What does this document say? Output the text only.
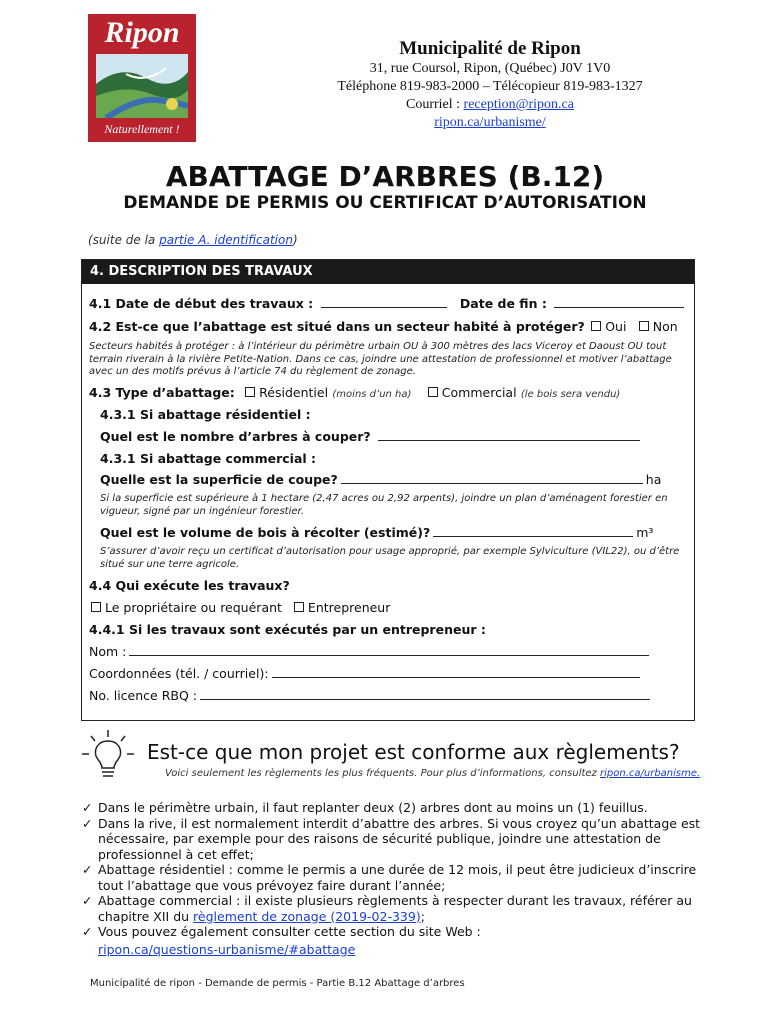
Ripon
Naturellement !
Municipalité de Ripon
31, rue Coursol, Ripon, (Québec) J0V 1V0
Téléphone 819-983-2000 – Télécopieur 819-983-1327
Courriel : reception@ripon.ca
ripon.ca/urbanisme/
ABATTAGE D’ARBRES (B.12)
DEMANDE DE PERMIS OU CERTIFICAT D’AUTORISATION
(suite de la partie A. identification)
4. DESCRIPTION DES TRAVAUX
4.1 Date de début des travaux :	Date de fin :
4.2 Est-ce que l’abattage est situé dans un secteur habité à protéger? Oui Non
Secteurs habités à protéger : à l’intérieur du périmètre urbain OU à 300 mètres des lacs Viceroy et Daoust OU tout terrain riverain à la rivière Petite-Nation. Dans ce cas, joindre une attestation de professionnel et motiver l’abattage avec un des motifs prévus à l’article 74 du règlement de zonage.
4.3 Type d’abattage: Résidentiel (moins d’un ha) Commercial (le bois sera vendu)
4.3.1 Si abattage résidentiel :
Quel est le nombre d’arbres à couper?
4.3.1 Si abattage commercial :
Quelle est la superficie de coupe?	ha
Si la superficie est supérieure à 1 hectare (2,47 acres ou 2,92 arpents), joindre un plan d’aménagent forestier en vigueur, signé par un ingénieur forestier.
Quel est le volume de bois à récolter (estimé)?	m³
S’assurer d’avoir reçu un certificat d’autorisation pour usage approprié, par exemple Sylviculture (VIL22), ou d’être situé sur une terre agricole.
4.4 Qui exécute les travaux?
Le propriétaire ou requérant Entrepreneur
4.4.1 Si les travaux sont exécutés par un entrepreneur :
Nom :
Coordonnées (tél. / courriel):
No. licence RBQ :
Est-ce que mon projet est conforme aux règlements?
Voici seulement les règlements les plus fréquents. Pour plus d’informations, consultez ripon.ca/urbanisme.
✓ Dans le périmètre urbain, il faut replanter deux (2) arbres dont au moins un (1) feuillus.
✓ Dans la rive, il est normalement interdit d’abattre des arbres. Si vous croyez qu’un abattage est nécessaire, par exemple pour des raisons de sécurité publique, joindre une attestation de professionnel à cet effet;
✓ Abattage résidentiel : comme le permis a une durée de 12 mois, il peut être judicieux d’inscrire tout l’abattage que vous prévoyez faire durant l’année;
✓ Abattage commercial : il existe plusieurs règlements à respecter durant les travaux, référer au chapitre XII du règlement de zonage (2019-02-339);
✓ Vous pouvez également consulter cette section du site Web :
ripon.ca/questions-urbanisme/#abattage
Municipalité de ripon - Demande de permis - Partie B.12 Abattage d’arbres
